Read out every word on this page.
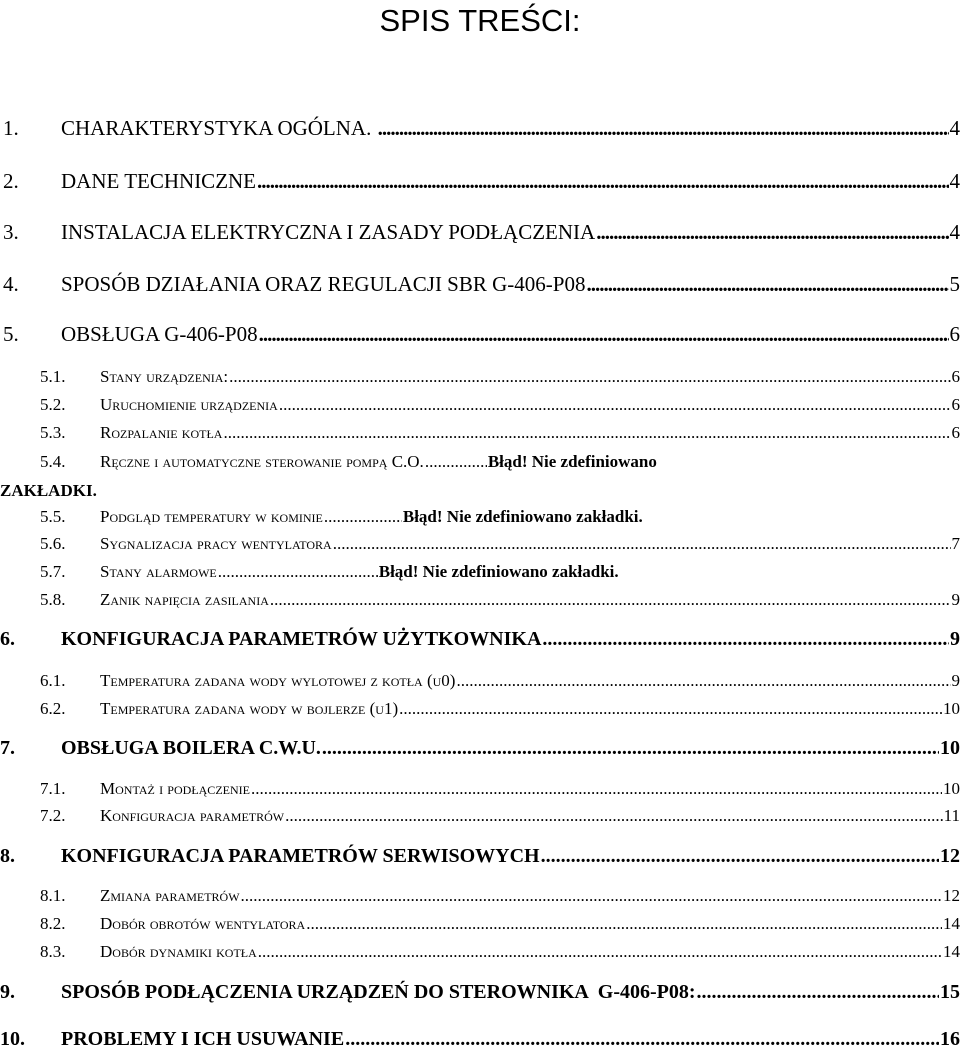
SPIS TREŚCI:
1.	CHARAKTERYSTYKA OGÓLNA. .....	4
2.	DANE TECHNICZNE .....	4
3.	INSTALACJA ELEKTRYCZNA I ZASADY PODŁĄCZENIA .....	4
4.	SPOSÓB DZIAŁANIA ORAZ REGULACJI SBR G-406-P08 .....	5
5.	OBSŁUGA G-406-P08 .....	6
5.1.	Stany urządzenia: .....	6
5.2.	Uruchomienie urządzenia .....	6
5.3.	Rozpalanie kotła .....	6
5.4.	Ręczne i automatyczne sterowanie pompą C.O. .....	Błąd! Nie zdefiniowano
ZAKŁADKI.
5.5.	Podgląd temperatury w kominie .....	Błąd! Nie zdefiniowano zakładki.
5.6.	Sygnalizacja pracy wentylatora .....	7
5.7.	Stany alarmowe .....	Błąd! Nie zdefiniowano zakładki.
5.8.	Zanik napięcia zasilania .....	9
6.	KONFIGURACJA PARAMETRÓW UŻYTKOWNIKA .....	9
6.1.	Temperatura zadana wody wylotowej z kotła (u0) .....	9
6.2.	Temperatura zadana wody w bojlerze (u1) .....	10
7.	OBSŁUGA BOILERA C.W.U. .....	10
7.1.	Montaż i podłączenie .....	10
7.2.	Konfiguracja parametrów .....	11
8.	KONFIGURACJA PARAMETRÓW SERWISOWYCH .....	12
8.1.	Zmiana parametrów .....	12
8.2.	Dobór obrotów wentylatora .....	14
8.3.	Dobór dynamiki kotła .....	14
9.	SPOSÓB PODŁĄCZENIA URZĄDZEŃ DO STEROWNIKA  G-406-P08: .....	15
10.	PROBLEMY I ICH USUWANIE .....	16
